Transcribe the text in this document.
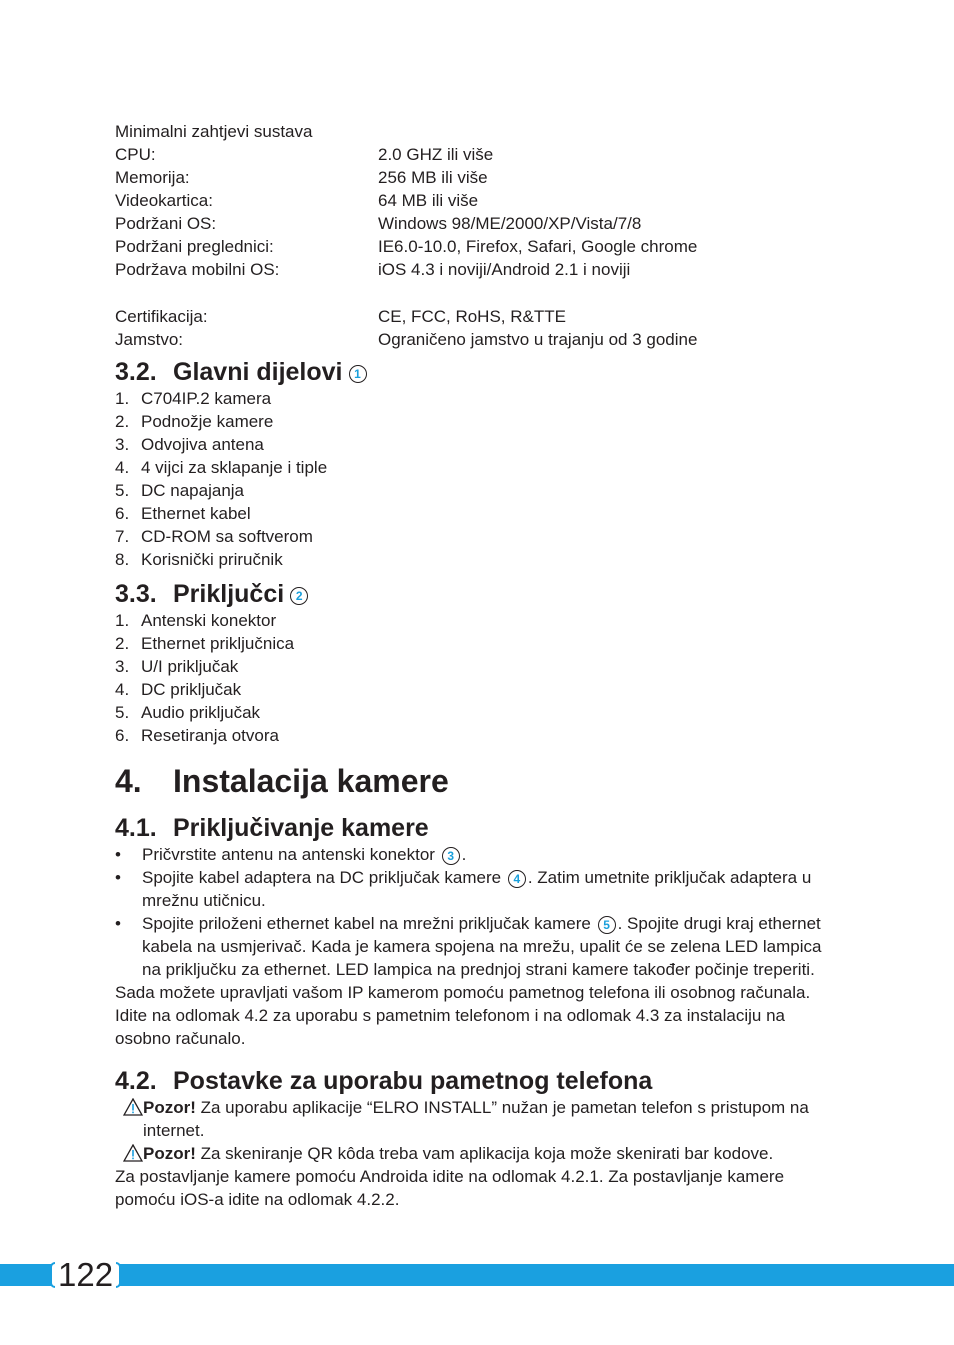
Minimalni zahtjevi sustava
CPU:	2.0 GHZ ili više
Memorija:	256 MB ili više
Videokartica:	64 MB ili više
Podržani OS:	Windows 98/ME/2000/XP/Vista/7/8
Podržani preglednici:	IE6.0-10.0, Firefox, Safari, Google chrome
Podržava mobilni OS:	iOS 4.3 i noviji/Android 2.1 i noviji
Certifikacija:	CE, FCC, RoHS, R&TTE
Jamstvo:	Ograničeno jamstvo u trajanju od 3 godine
3.2. Glavni dijelovi 1
1. C704IP.2 kamera
2. Podnožje kamere
3. Odvojiva antena
4. 4 vijci za sklapanje i tiple
5. DC napajanja
6. Ethernet kabel
7. CD-ROM sa softverom
8. Korisnički priručnik
3.3. Priključci 2
1. Antenski konektor
2. Ethernet priključnica
3. U/I priključak
4. DC priključak
5. Audio priključak
6. Resetiranja otvora
4. Instalacija kamere
4.1. Priključivanje kamere
•	Pričvrstite antenu na antenski konektor 3 .
•	Spojite kabel adaptera na DC priključak kamere 4 . Zatim umetnite priključak adaptera u mrežnu utičnicu.
•	Spojite priloženi ethernet kabel na mrežni priključak kamere 5 . Spojite drugi kraj ethernet kabela na usmjerivač. Kada je kamera spojena na mrežu, upalit će se zelena LED lampica na priključku za ethernet. LED lampica na prednjoj strani kamere također počinje treperiti.
Sada možete upravljati vašom IP kamerom pomoću pametnog telefona ili osobnog računala. Idite na odlomak 4.2 za uporabu s pametnim telefonom i na odlomak 4.3 za instalaciju na osobno računalo.
4.2. Postavke za uporabu pametnog telefona
Pozor! Za uporabu aplikacije “ELRO INSTALL” nužan je pametan telefon s pristupom na internet.
Pozor! Za skeniranje QR kôda treba vam aplikacija koja može skenirati bar kodove.
Za postavljanje kamere pomoću Androida idite na odlomak 4.2.1. Za postavljanje kamere pomoću iOS-a idite na odlomak 4.2.2.
122
